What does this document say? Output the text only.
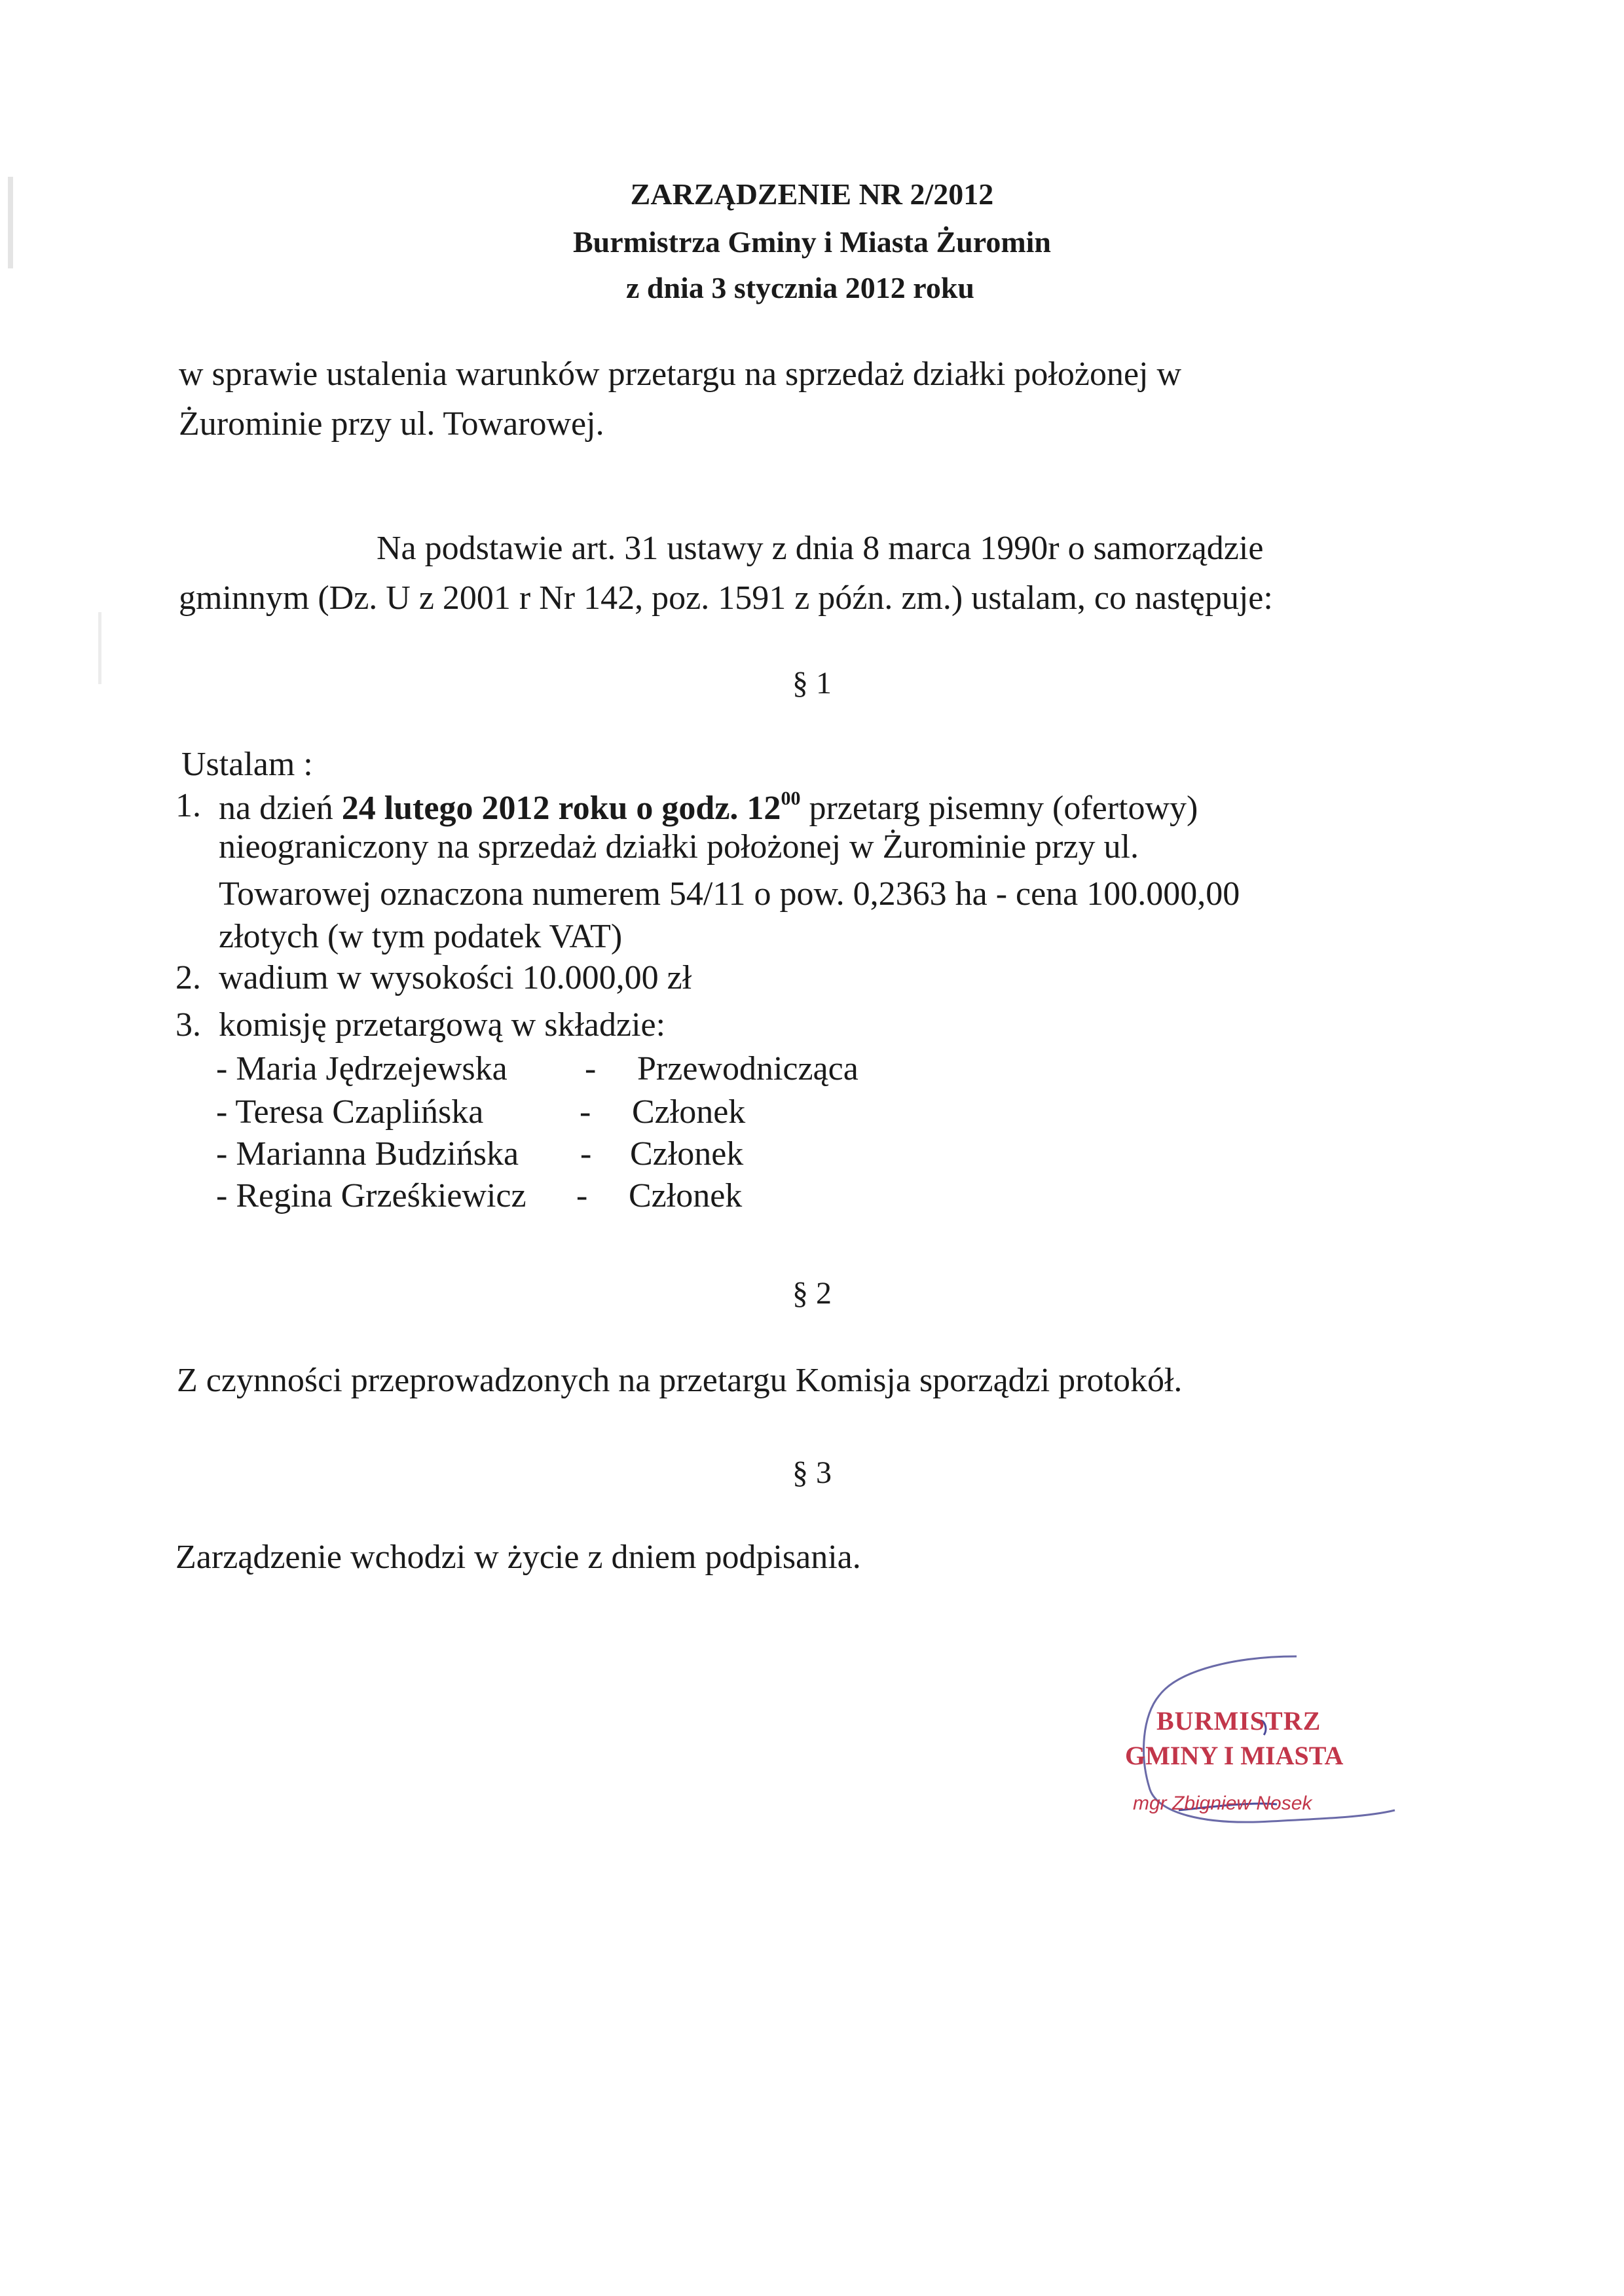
ZARZĄDZENIE NR 2/2012
Burmistrza Gminy i Miasta Żuromin
z dnia 3 stycznia 2012 roku
w sprawie ustalenia warunków przetargu na sprzedaż działki położonej w
Żurominie przy ul. Towarowej.
Na podstawie art. 31 ustawy z dnia 8 marca 1990r o samorządzie
gminnym (Dz. U z 2001 r Nr 142, poz. 1591 z późn. zm.) ustalam, co następuje:
§ 1
Ustalam :
1. na dzień 24 lutego 2012 roku o godz. $12^{00}$ przetarg pisemny (ofertowy)
nieograniczony na sprzedaż działki położonej w Żurominie przy ul.
Towarowej oznaczona numerem 54/11 o pow. 0,2363 ha - cena 100.000,00
złotych (w tym podatek VAT)
2. wadium w wysokości 10.000,00 zł
3. komisję przetargową w składzie:
- Maria Jędrzejewska - Przewodnicząca
- Teresa Czaplińska	- Członek
- Marianna Budzińska - Członek
- Regina Grześkiewicz - Członek
§ 2
Z czynności przeprowadzonych na przetargu Komisja sporządzi protokół.
§ 3
Zarządzenie wchodzi w życie z dniem podpisania.
BURMISTRZ
GMINY I MIASTA
mgr Zbigniew Nosek
